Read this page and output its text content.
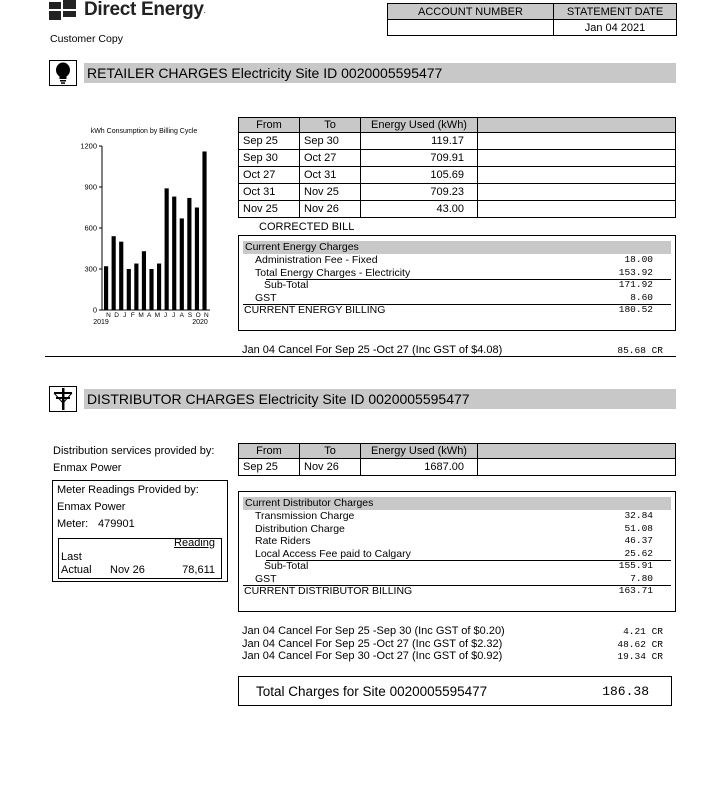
Direct Energy .
Customer Copy
ACCOUNT NUMBER	STATEMENT DATE
	Jan 04 2021
RETAILER CHARGES Electricity Site ID 0020005595477
kWh Consumption by Billing Cycle
0
300
600
900
1200
N D J F M A M J J A S O N
2019	2020
From	To	Energy Used (kWh)	
Sep 25	Sep 30	119.17	
Sep 30	Oct 27	709.91	
Oct 27	Oct 31	105.69	
Oct 31	Nov 25	709.23	
Nov 25	Nov 26	43.00	
CORRECTED BILL
Current Energy Charges
Administration Fee - Fixed	18.00
Total Energy Charges - Electricity	153.92
Sub-Total	171.92
GST	8.60
CURRENT ENERGY BILLING	180.52
Jan 04 Cancel For Sep 25 -Oct 27 (Inc GST of $4.08)	85.68 CR
DISTRIBUTOR CHARGES Electricity Site ID 0020005595477
Distribution services provided by:
Enmax Power
Meter Readings Provided by:
Enmax Power
Meter: 479901
Reading
Last
Actual Nov 26	78,611
From	To	Energy Used (kWh)	
Sep 25	Nov 26	1687.00	
Current Distributor Charges
Transmission Charge	32.84
Distribution Charge	51.08
Rate Riders	46.37
Local Access Fee paid to Calgary	25.62
Sub-Total	155.91
GST	7.80
CURRENT DISTRIBUTOR BILLING	163.71
Jan 04 Cancel For Sep 25 -Sep 30 (Inc GST of $0.20)	4.21 CR
Jan 04 Cancel For Sep 25 -Oct 27 (Inc GST of $2.32)	48.62 CR
Jan 04 Cancel For Sep 30 -Oct 27 (Inc GST of $0.92)	19.34 CR
Total Charges for Site 0020005595477	186.38
